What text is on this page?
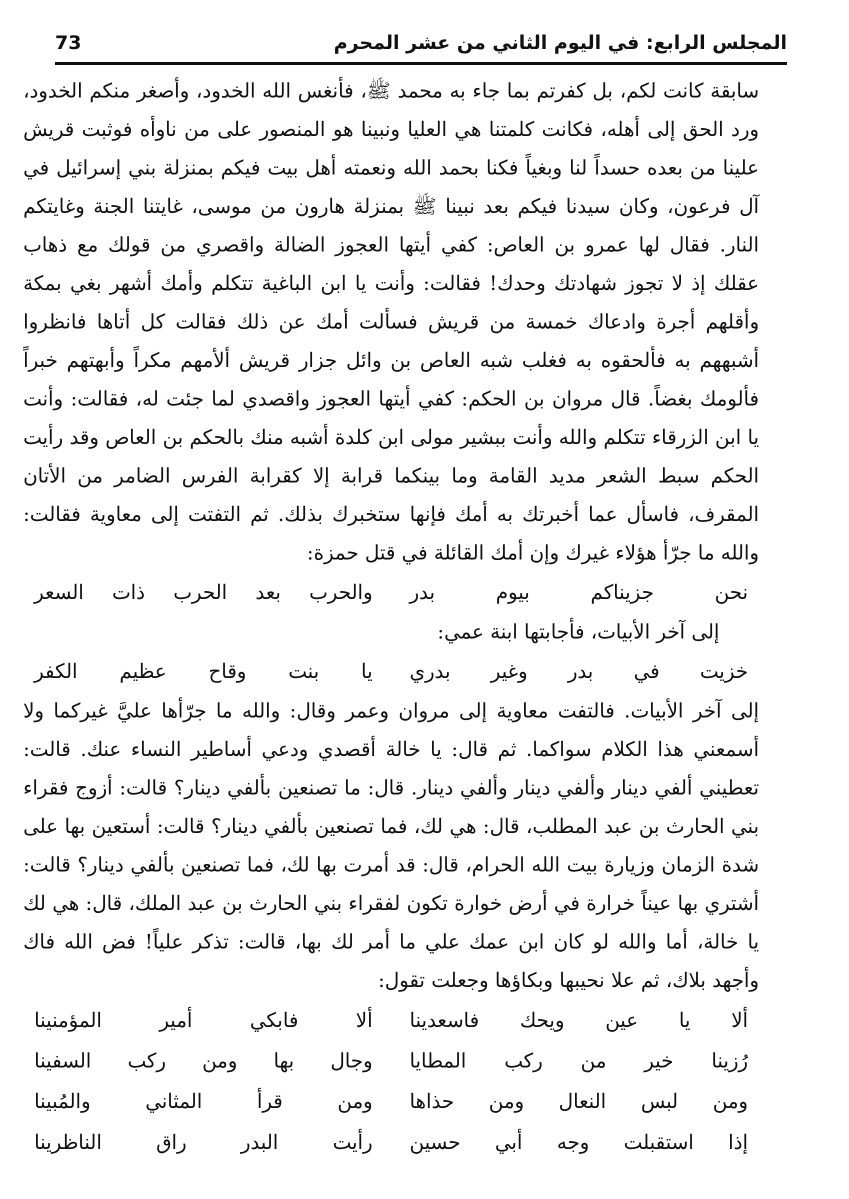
المجلس الرابع: في اليوم الثاني من عشر المحرم
73

سابقة كانت لكم، بل كفرتم بما جاء به محمد ﷺ، فأنغس الله الخدود، وأصغر منكم الخدود، ورد الحق إلى أهله، فكانت كلمتنا هي العليا ونبينا هو المنصور على من ناوأه فوثبت قريش علينا من بعده حسداً لنا وبغياً فكنا بحمد الله ونعمته أهل بيت فيكم بمنزلة بني إسرائيل في آل فرعون، وكان سيدنا فيكم بعد نبينا ﷺ بمنزلة هارون من موسى، غايتنا الجنة وغايتكم النار. فقال لها عمرو بن العاص: كفي أيتها العجوز الضالة واقصري من قولك مع ذهاب عقلك إذ لا تجوز شهادتك وحدك! فقالت: وأنت يا ابن الباغية تتكلم وأمك أشهر بغي بمكة وأقلهم أجرة وادعاك خمسة من قريش فسألت أمك عن ذلك فقالت كل أتاها فانظروا أشبههم به فألحقوه به فغلب شبه العاص بن وائل جزار قريش ألأمهم مكراً وأبهتهم خبراً فألومك بغضاً. قال مروان بن الحكم: كفي أيتها العجوز واقصدي لما جئت له، فقالت: وأنت يا ابن الزرقاء تتكلم والله وأنت ببشير مولى ابن كلدة أشبه منك بالحكم بن العاص وقد رأيت الحكم سبط الشعر مديد القامة وما بينكما قرابة إلا كقرابة الفرس الضامر من الأتان المقرف، فاسأل عما أخبرتك به أمك فإنها ستخبرك بذلك. ثم التفتت إلى معاوية فقالت: والله ما جرّأ هؤلاء غيرك وإن أمك القائلة في قتل حمزة:

نحن جزيناكم بيوم بدر
والحرب بعد الحرب ذات السعر

إلى آخر الأبيات، فأجابتها ابنة عمي:

خزيت في بدر وغير بدري
يا بنت وقاح عظيم الكفر

إلى آخر الأبيات. فالتفت معاوية إلى مروان وعمر وقال: والله ما جرّأها عليَّ غيركما ولا أسمعني هذا الكلام سواكما. ثم قال: يا خالة أقصدي ودعي أساطير النساء عنك. قالت: تعطيني ألفي دينار وألفي دينار وألفي دينار. قال: ما تصنعين بألفي دينار؟ قالت: أزوج فقراء بني الحارث بن عبد المطلب، قال: هي لك، فما تصنعين بألفي دينار؟ قالت: أستعين بها على شدة الزمان وزيارة بيت الله الحرام، قال: قد أمرت بها لك، فما تصنعين بألفي دينار؟ قالت: أشتري بها عيناً خرارة في أرض خوارة تكون لفقراء بني الحارث بن عبد الملك، قال: هي لك يا خالة، أما والله لو كان ابن عمك علي ما أمر لك بها، قالت: تذكر علياً! فض الله فاك وأجهد بلاك، ثم علا نحيبها وبكاؤها وجعلت تقول:

ألا يا عين ويحك فاسعدينا
ألا فابكي أمير المؤمنينا
رُزينا خير من ركب المطايا
وجال بها ومن ركب السفينا
ومن لبس النعال ومن حذاها
ومن قرأ المثاني والمُبينا
إذا استقبلت وجه أبي حسين
رأيت البدر راق الناظرينا
